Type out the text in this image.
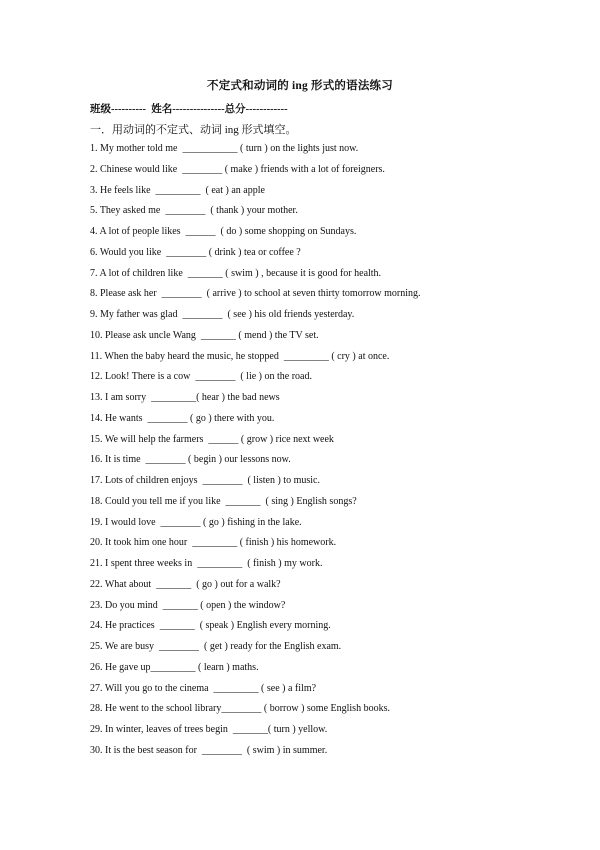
不定式和动词的 ing 形式的语法练习
班级----------  姓名---------------总分------------
一．用动词的不定式、动词 ing 形式填空。
1. My mother told me  ___________ ( turn ) on the lights just now.
2. Chinese would like  ________ ( make ) friends with a lot of foreigners.
3. He feels like  _________  ( eat ) an apple
5. They asked me  ________  ( thank ) your mother.
4. A lot of people likes  ______  ( do ) some shopping on Sundays.
6. Would you like  ________ ( drink ) tea or coffee ?
7. A lot of children like  _______ ( swim ) , because it is good for health.
8. Please ask her  ________  ( arrive ) to school at seven thirty tomorrow morning.
9. My father was glad  ________  ( see ) his old friends yesterday.
10. Please ask uncle Wang  _______ ( mend ) the TV set.
11. When the baby heard the music, he stopped  _________ ( cry ) at once.
12. Look! There is a cow  ________  ( lie ) on the road.
13. I am sorry  _________( hear ) the bad news
14. He wants  ________ ( go ) there with you.
15. We will help the farmers  ______ ( grow ) rice next week
16. It is time  ________ ( begin ) our lessons now.
17. Lots of children enjoys  ________  ( listen ) to music.
18. Could you tell me if you like  _______  ( sing ) English songs?
19. I would love  ________ ( go ) fishing in the lake.
20. It took him one hour  _________ ( finish ) his homework.
21. I spent three weeks in  _________  ( finish ) my work.
22. What about  _______  ( go ) out for a walk?
23. Do you mind  _______ ( open ) the window?
24. He practices  _______  ( speak ) English every morning.
25. We are busy  ________  ( get ) ready for the English exam.
26. He gave up_________ ( learn ) maths.
27. Will you go to the cinema  _________ ( see ) a film?
28. He went to the school library________ ( borrow ) some English books.
29. In winter, leaves of trees begin  _______( turn ) yellow.
30. It is the best season for  ________  ( swim ) in summer.
